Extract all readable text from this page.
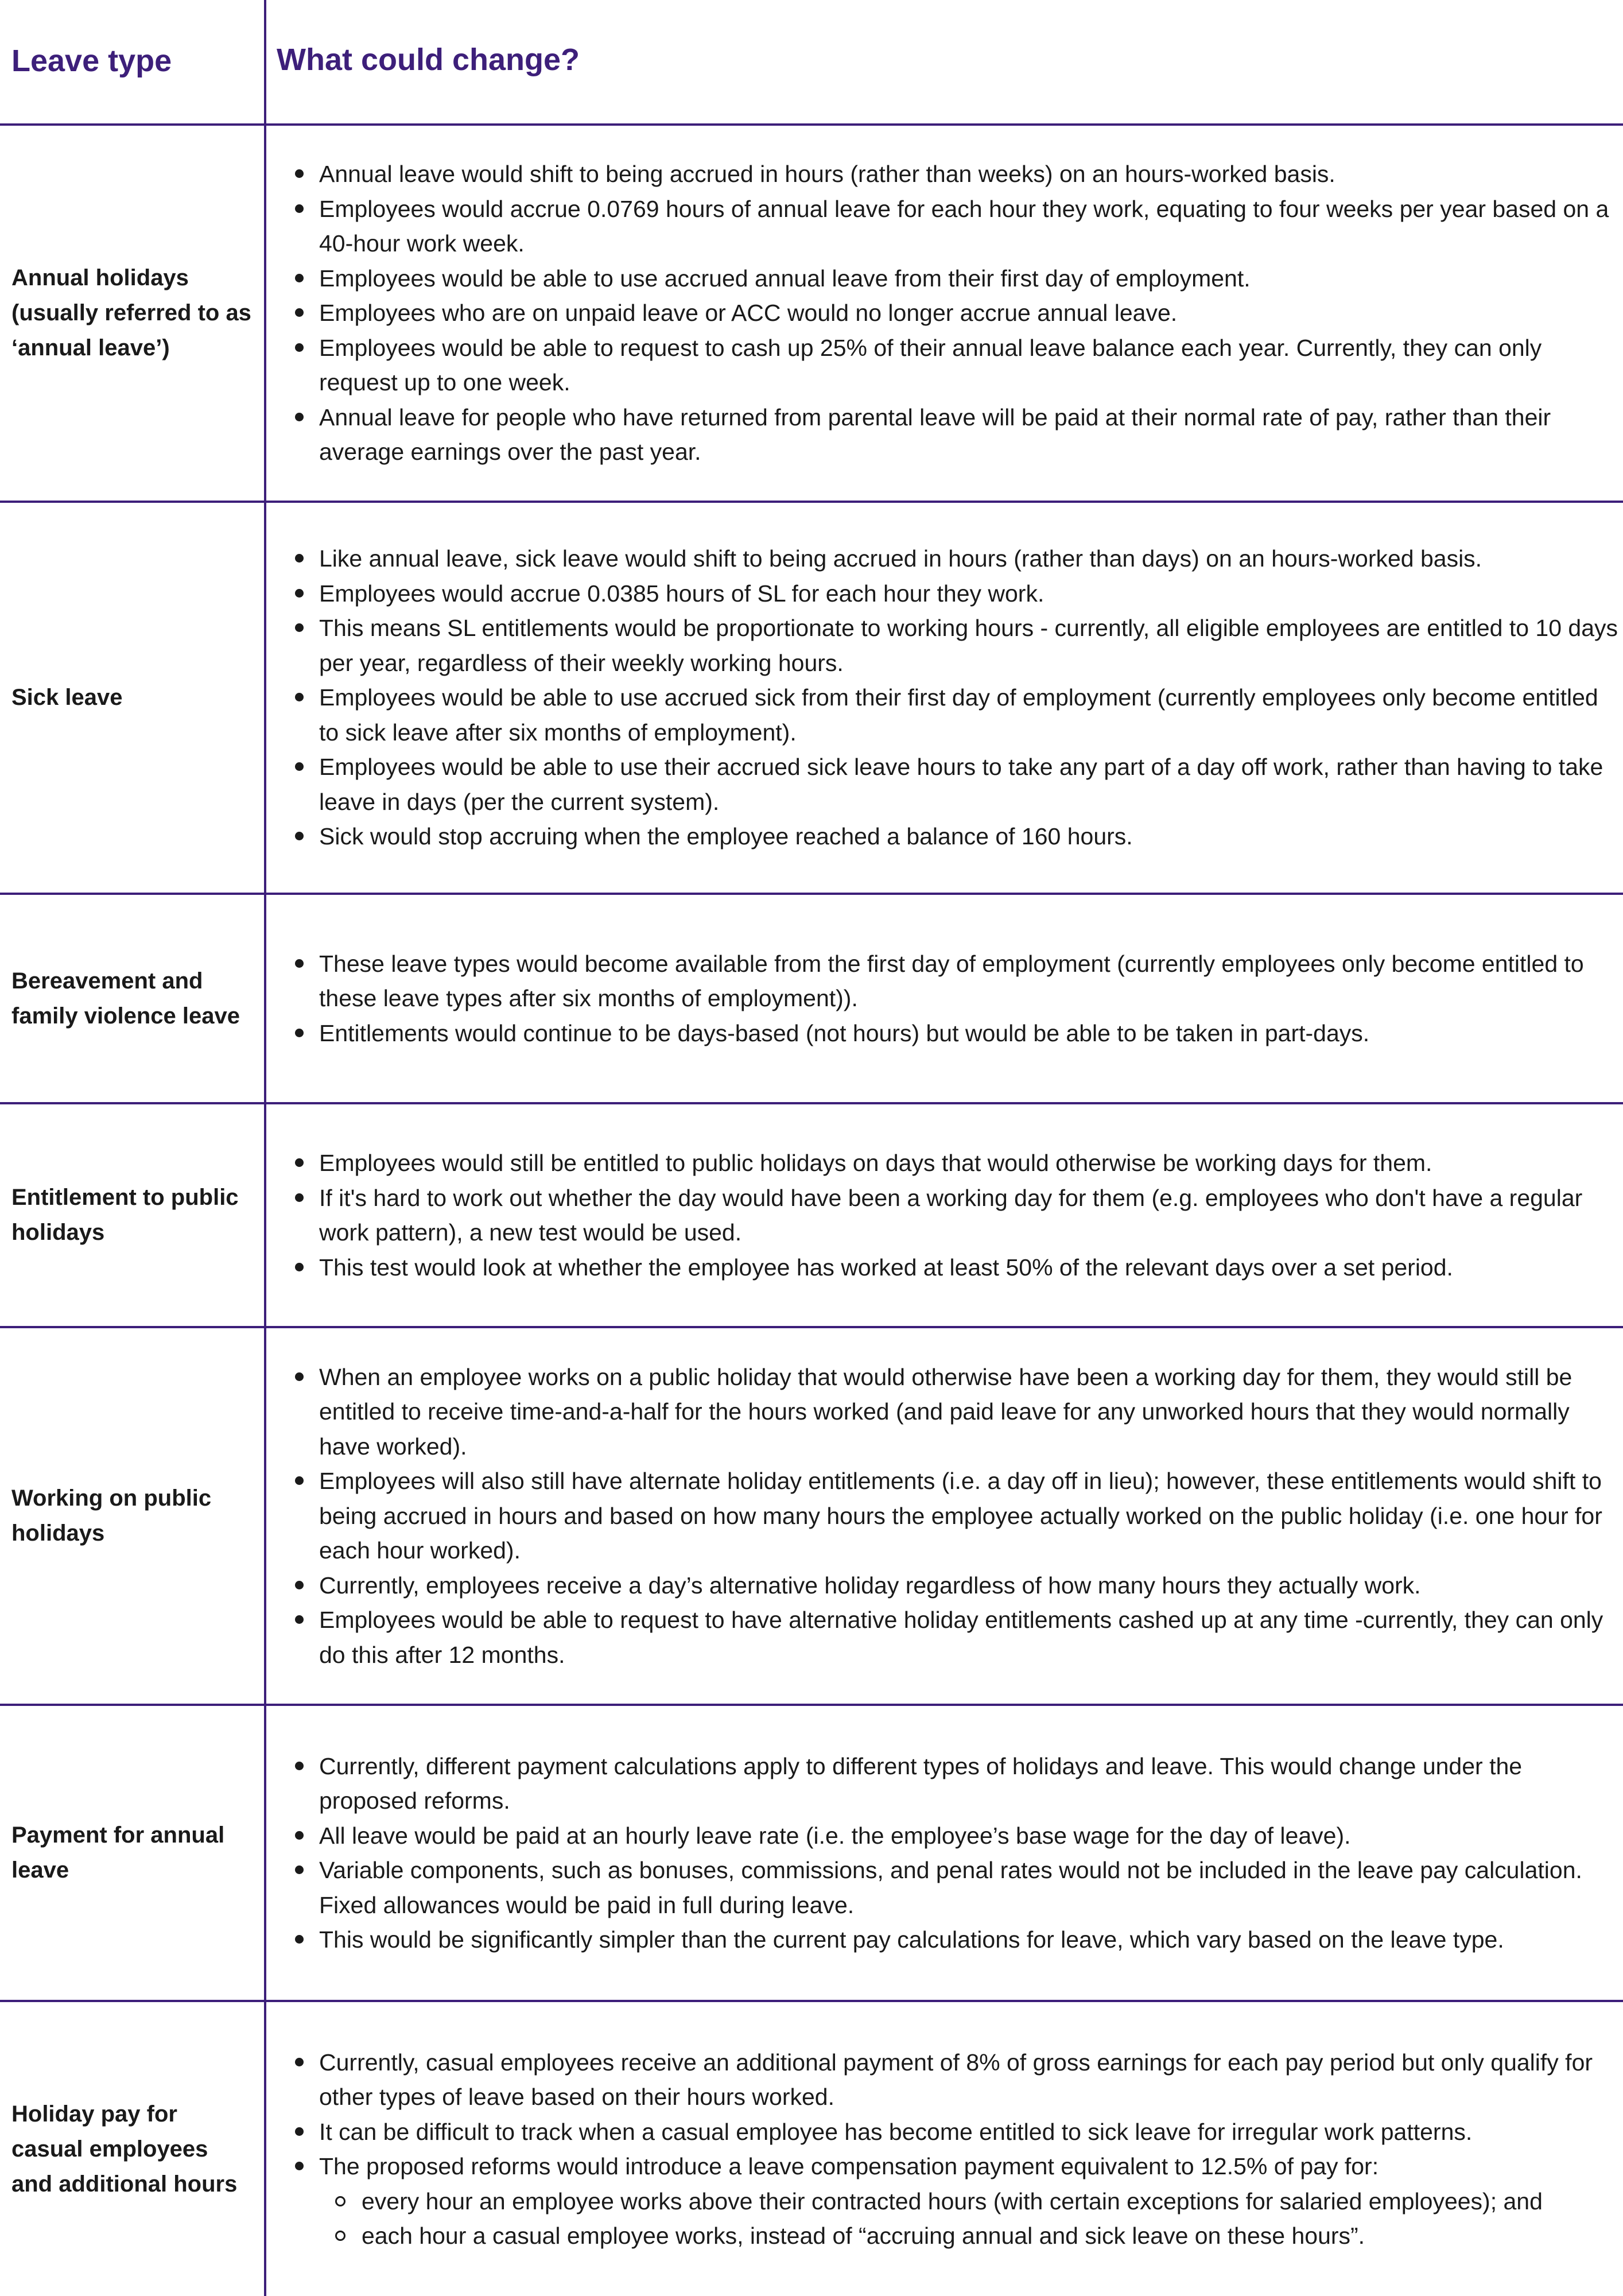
Leave type	What could change?
Annual holidays (usually referred to as ‘annual leave’)
Annual leave would shift to being accrued in hours (rather than weeks) on an hours-worked basis.
Employees would accrue 0.0769 hours of annual leave for each hour they work, equating to four weeks per year based on a 40-hour work week.
Employees would be able to use accrued annual leave from their first day of employment.
Employees who are on unpaid leave or ACC would no longer accrue annual leave.
Employees would be able to request to cash up 25% of their annual leave balance each year. Currently, they can only request up to one week.
Annual leave for people who have returned from parental leave will be paid at their normal rate of pay, rather than their average earnings over the past year.
Sick leave
Like annual leave, sick leave would shift to being accrued in hours (rather than days) on an hours-worked basis.
Employees would accrue 0.0385 hours of SL for each hour they work.
This means SL entitlements would be proportionate to working hours - currently, all eligible employees are entitled to 10 days per year, regardless of their weekly working hours.
Employees would be able to use accrued sick from their first day of employment (currently employees only become entitled to sick leave after six months of employment).
Employees would be able to use their accrued sick leave hours to take any part of a day off work, rather than having to take leave in days (per the current system).
Sick would stop accruing when the employee reached a balance of 160 hours.
Bereavement and family violence leave
These leave types would become available from the first day of employment (currently employees only become entitled to these leave types after six months of employment)).
Entitlements would continue to be days-based (not hours) but would be able to be taken in part-days.
Entitlement to public holidays
Employees would still be entitled to public holidays on days that would otherwise be working days for them.
If it's hard to work out whether the day would have been a working day for them (e.g. employees who don't have a regular work pattern), a new test would be used.
This test would look at whether the employee has worked at least 50% of the relevant days over a set period.
Working on public holidays
When an employee works on a public holiday that would otherwise have been a working day for them, they would still be entitled to receive time-and-a-half for the hours worked (and paid leave for any unworked hours that they would normally have worked).
Employees will also still have alternate holiday entitlements (i.e. a day off in lieu); however, these entitlements would shift to being accrued in hours and based on how many hours the employee actually worked on the public holiday (i.e. one hour for each hour worked).
Currently, employees receive a day’s alternative holiday regardless of how many hours they actually work.
Employees would be able to request to have alternative holiday entitlements cashed up at any time -currently, they can only do this after 12 months.
Payment for annual leave
Currently, different payment calculations apply to different types of holidays and leave. This would change under the proposed reforms.
All leave would be paid at an hourly leave rate (i.e. the employee’s base wage for the day of leave).
Variable components, such as bonuses, commissions, and penal rates would not be included in the leave pay calculation. Fixed allowances would be paid in full during leave.
This would be significantly simpler than the current pay calculations for leave, which vary based on the leave type.
Holiday pay for casual employees and additional hours
Currently, casual employees receive an additional payment of 8% of gross earnings for each pay period but only qualify for other types of leave based on their hours worked.
It can be difficult to track when a casual employee has become entitled to sick leave for irregular work patterns.
The proposed reforms would introduce a leave compensation payment equivalent to 12.5% of pay for:
every hour an employee works above their contracted hours (with certain exceptions for salaried employees); and
each hour a casual employee works, instead of “accruing annual and sick leave on these hours”.
